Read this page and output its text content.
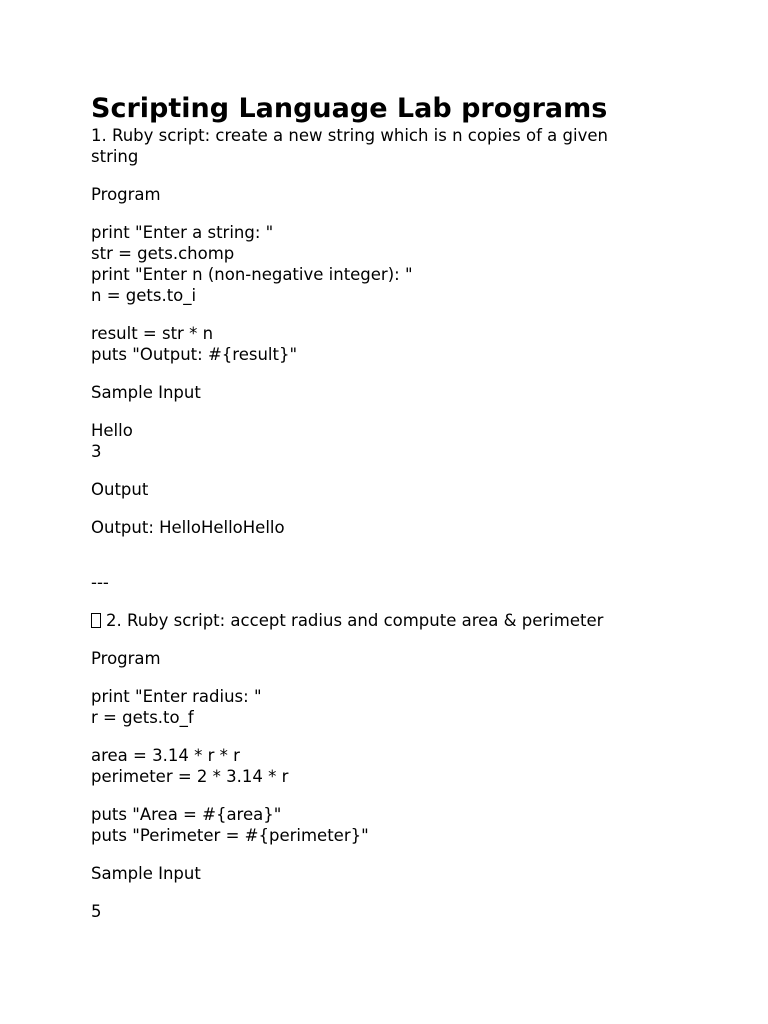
Scripting Language Lab programs

1. Ruby script: create a new string which is n copies of a given string

Program

print "Enter a string: "
str = gets.chomp
print "Enter n (non-negative integer): "
n = gets.to_i

result = str * n
puts "Output: #{result}"

Sample Input

Hello
3

Output

Output: HelloHelloHello

---

2. Ruby script: accept radius and compute area & perimeter

Program

print "Enter radius: "
r = gets.to_f

area = 3.14 * r * r
perimeter = 2 * 3.14 * r

puts "Area = #{area}"
puts "Perimeter = #{perimeter}"

Sample Input

5
